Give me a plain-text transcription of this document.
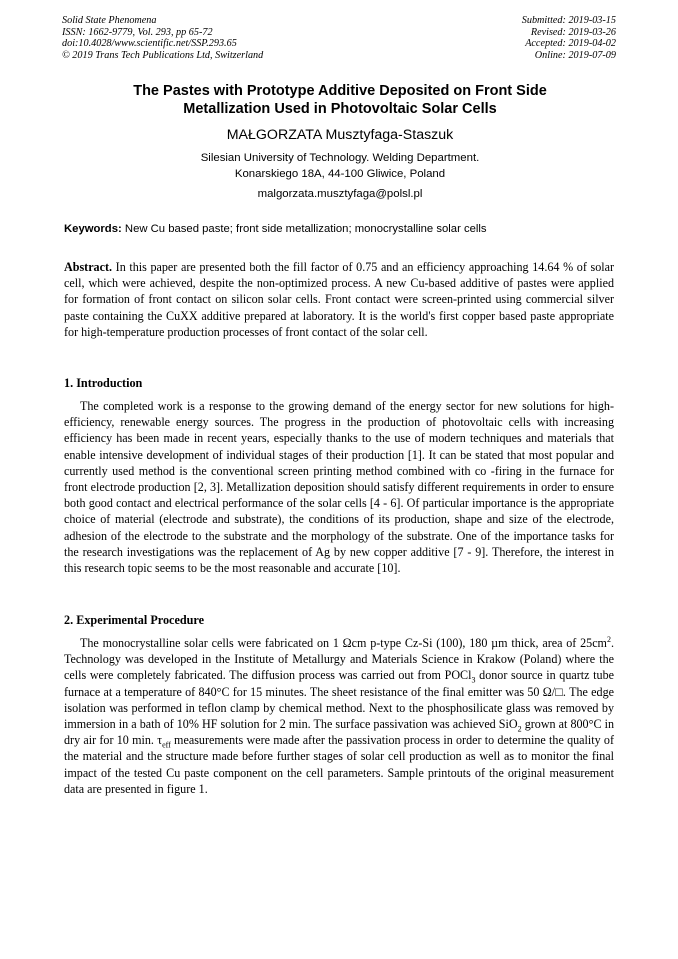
Solid State Phenomena
ISSN: 1662-9779, Vol. 293, pp 65-72
doi:10.4028/www.scientific.net/SSP.293.65
© 2019 Trans Tech Publications Ltd, Switzerland
Submitted: 2019-03-15
Revised: 2019-03-26
Accepted: 2019-04-02
Online: 2019-07-09
The Pastes with Prototype Additive Deposited on Front Side
Metallization Used in Photovoltaic Solar Cells
MAŁGORZATA Musztyfaga-Staszuk
Silesian University of Technology. Welding Department.
Konarskiego 18A, 44-100 Gliwice, Poland
malgorzata.musztyfaga@polsl.pl
Keywords: New Cu based paste; front side metallization; monocrystalline solar cells

Abstract. In this paper are presented both the fill factor of 0.75 and an efficiency approaching 14.64 % of solar cell, which were achieved, despite the non-optimized process. A new Cu-based additive of pastes were applied for formation of front contact on silicon solar cells. Front contact were screen-printed using commercial silver paste containing the CuXX additive prepared at laboratory. It is the world's first copper based paste appropriate for high-temperature production processes of front contact of the solar cell.

1. Introduction

The completed work is a response to the growing demand of the energy sector for new solutions for high-efficiency, renewable energy sources. The progress in the production of photovoltaic cells with increasing efficiency has been made in recent years, especially thanks to the use of modern techniques and materials that enable intensive development of individual stages of their production [1]. It can be stated that most popular and currently used method is the conventional screen printing method combined with co -firing in the furnace for front electrode production [2, 3]. Metallization deposition should satisfy different requirements in order to ensure both good contact and electrical performance of the solar cells [4 - 6]. Of particular importance is the appropriate choice of material (electrode and substrate), the conditions of its production, shape and size of the electrode, adhesion of the electrode to the substrate and the morphology of the substrate. One of the importance tasks for the research investigations was the replacement of Ag by new copper additive [7 - 9]. Therefore, the interest in this research topic seems to be the most reasonable and accurate [10].

2. Experimental Procedure

The monocrystalline solar cells were fabricated on 1 Ωcm p-type Cz-Si (100), 180 µm thick, area of $25cm^2$. Technology was developed in the Institute of Metallurgy and Materials Science in Krakow (Poland) where the cells were completely fabricated. The diffusion process was carried out from POCl$_3$ donor source in quartz tube furnace at a temperature of 840°C for 15 minutes. The sheet resistance of the final emitter was 50 Ω/□. The edge isolation was performed in teflon clamp by chemical method. Next to the phosphosilicate glass was removed by immersion in a bath of 10% HF solution for 2 min. The surface passivation was achieved SiO$_2$ grown at 800°C in dry air for 10 min. $\tau_{eff}$ measurements were made after the passivation process in order to determine the quality of the material and the structure made before further stages of solar cell production as well as to monitor the final impact of the tested Cu paste component on the cell parameters. Sample printouts of the original measurement data are presented in figure 1.
